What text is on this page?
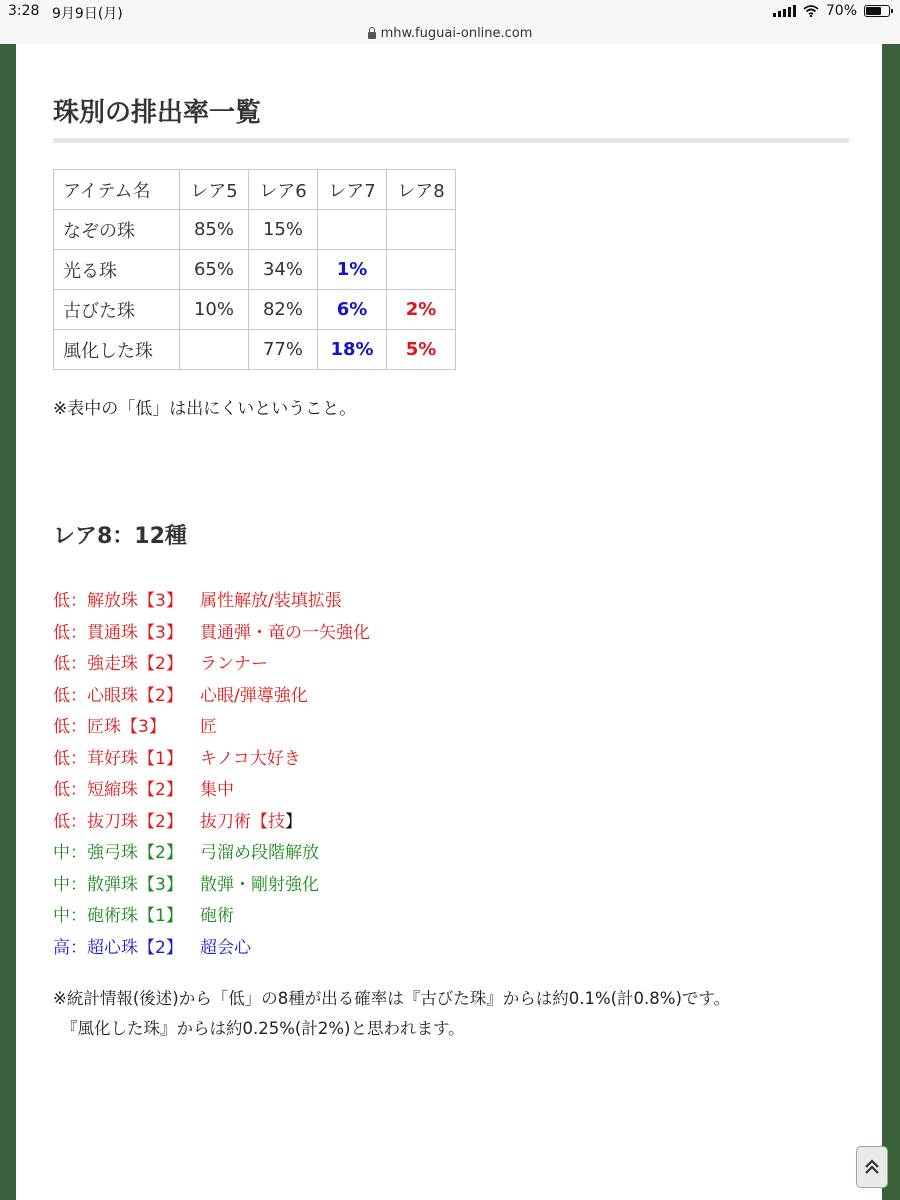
3:28 9月9日(月)	70%
mhw.fuguai-online.com
珠別の排出率一覧
アイテム名	レア5	レア6	レア7	レア8
なぞの珠	85%	15%		
光る珠	65%	34%	1%	
古びた珠	10%	82%	6%	2%
風化した珠		77%	18%	5%
※表中の「低」は出にくいということ。
レア8：12種
低：解放珠【3】 属性解放/装填拡張
低：貫通珠【3】 貫通弾・竜の一矢強化
低：強走珠【2】 ランナー
低：心眼珠【2】 心眼/弾導強化
低：匠珠【3】 匠
低：茸好珠【1】 キノコ大好き
低：短縮珠【2】 集中
低：抜刀珠【2】 抜刀術【技】
中：強弓珠【2】 弓溜め段階解放
中：散弾珠【3】 散弾・剛射強化
中：砲術珠【1】 砲術
高：超心珠【2】 超会心
※統計情報(後述)から「低」の8種が出る確率は『古びた珠』からは約0.1%(計0.8%)です。
『風化した珠』からは約0.25%(計2%)と思われます。
